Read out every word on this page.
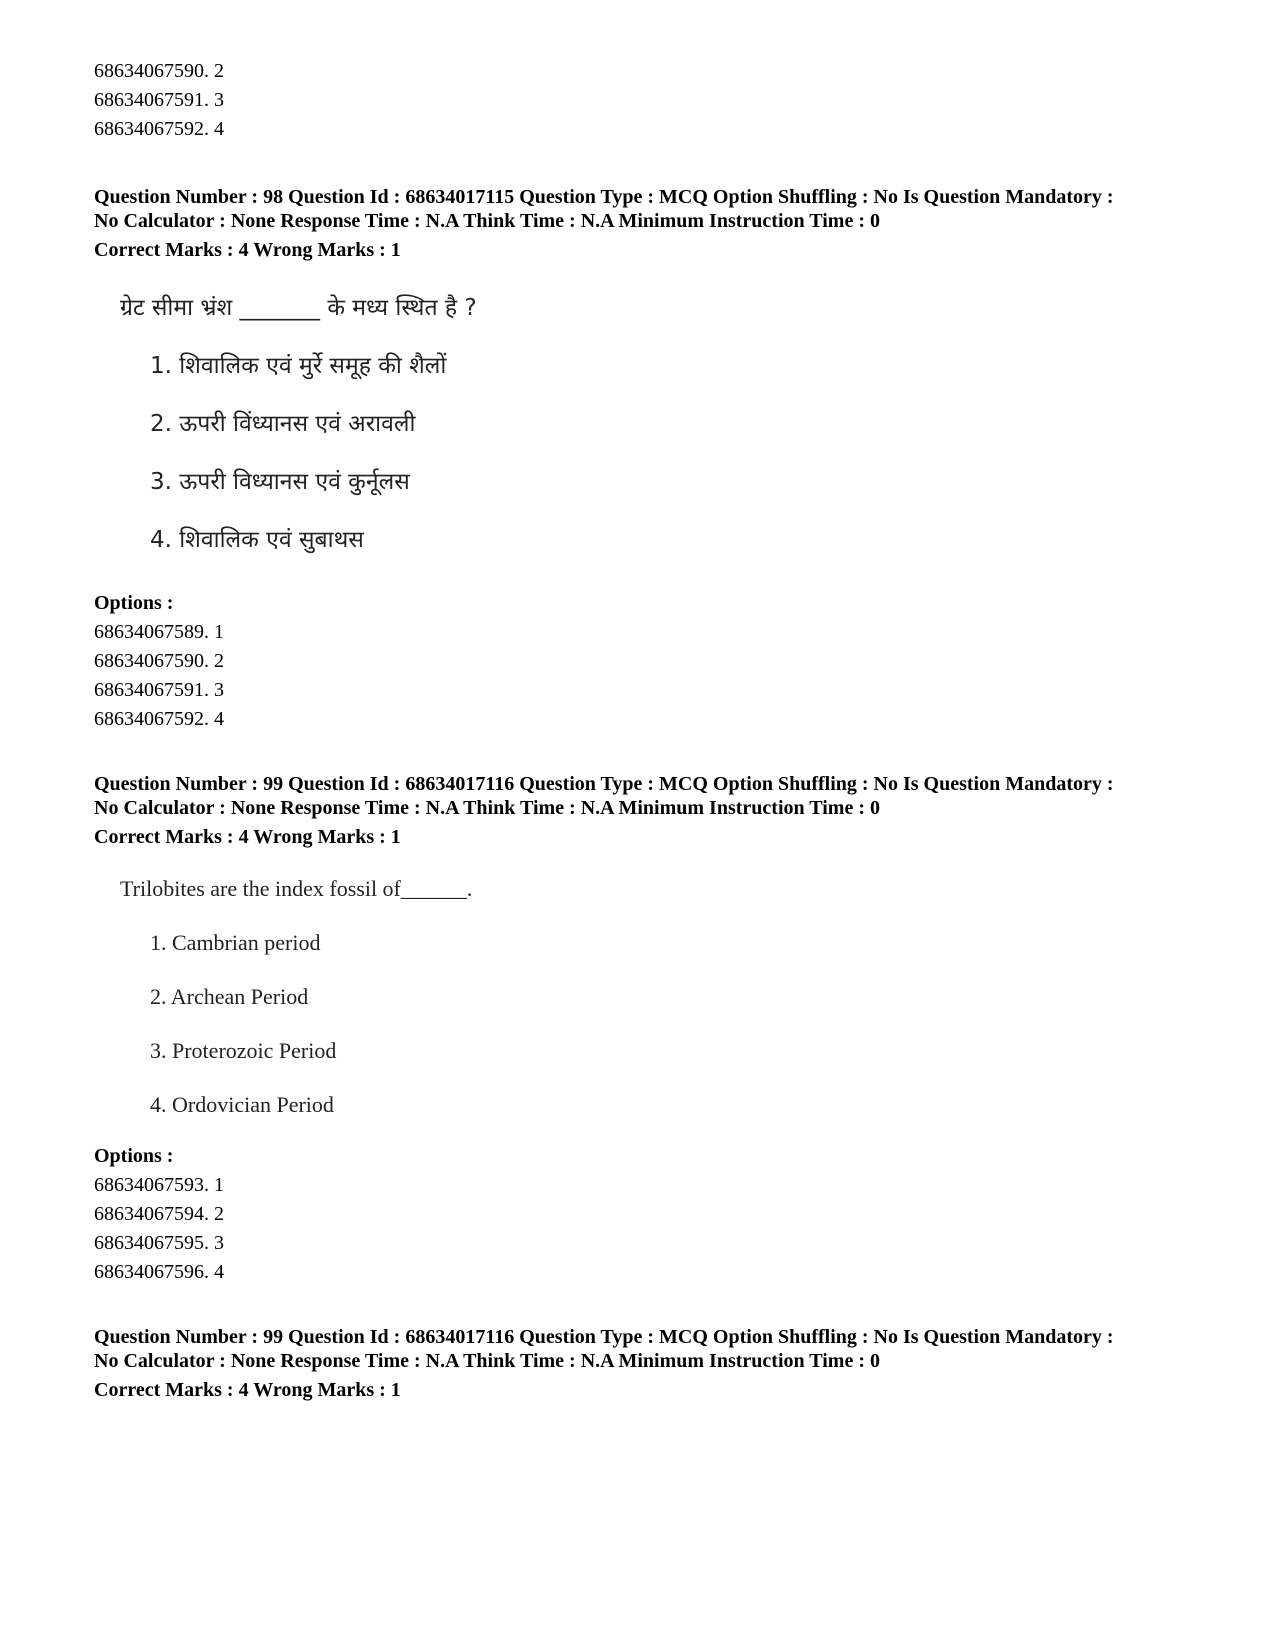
68634067590. 2
68634067591. 3
68634067592. 4
Question Number : 98 Question Id : 68634017115 Question Type : MCQ Option Shuffling : No Is Question Mandatory :
No Calculator : None Response Time : N.A Think Time : N.A Minimum Instruction Time : 0
Correct Marks : 4 Wrong Marks : 1
ग्रेट सीमा भ्रंश _______ के मध्य स्थित है ?
1. शिवालिक एवं मुर्रे समूह की शैलों
2. ऊपरी विंध्यानस एवं अरावली
3. ऊपरी विध्यानस एवं कुर्नूलस
4. शिवालिक एवं सुबाथस
Options :
68634067589. 1
68634067590. 2
68634067591. 3
68634067592. 4
Question Number : 99 Question Id : 68634017116 Question Type : MCQ Option Shuffling : No Is Question Mandatory :
No Calculator : None Response Time : N.A Think Time : N.A Minimum Instruction Time : 0
Correct Marks : 4 Wrong Marks : 1
Trilobites are the index fossil of______.
1. Cambrian period
2. Archean Period
3. Proterozoic Period
4. Ordovician Period
Options :
68634067593. 1
68634067594. 2
68634067595. 3
68634067596. 4
Question Number : 99 Question Id : 68634017116 Question Type : MCQ Option Shuffling : No Is Question Mandatory :
No Calculator : None Response Time : N.A Think Time : N.A Minimum Instruction Time : 0
Correct Marks : 4 Wrong Marks : 1
